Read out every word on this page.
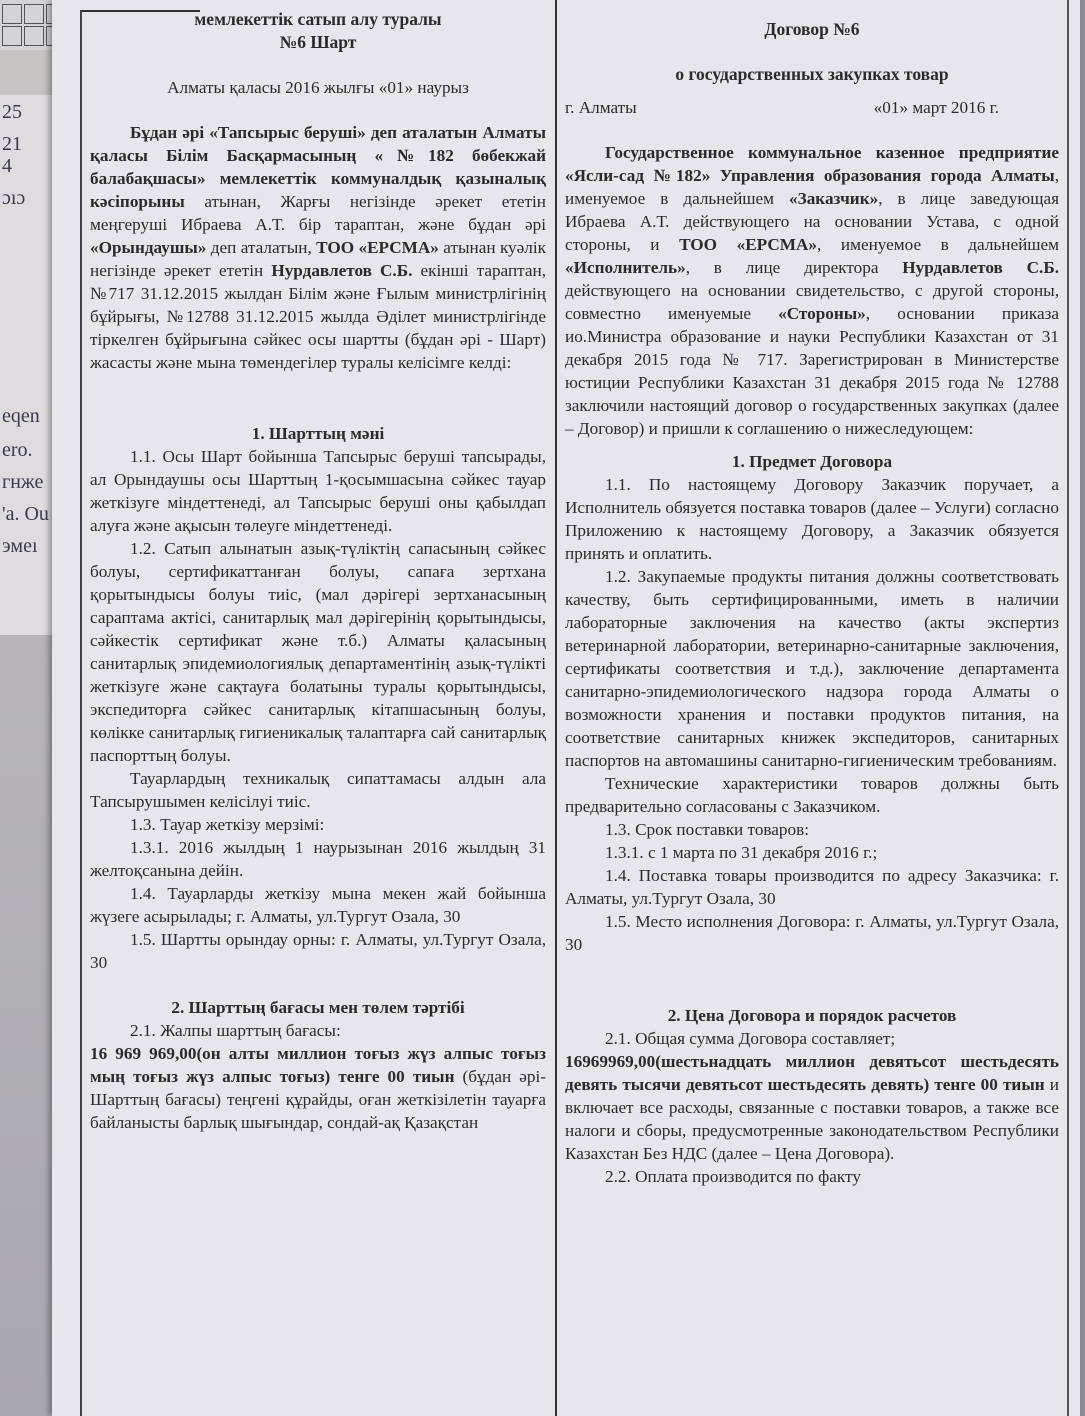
25
21
4
ɔıɔ
eqen
ero.
гнже
'a. Ou
эмеı

мемлекеттік сатып алу туралы

№6 Шарт

Алматы қаласы 2016 жылғы «01» наурыз

Бұдан әрі «Тапсырыс беруші» деп аталатын Алматы қаласы Білім Басқармасының «№182 бөбекжай балабақшасы» мемлекеттік коммуналдық қазыналық кәсіпорыны атынан, Жарғы негізінде әрекет ететін меңгеруші Ибраева А.Т. бір тараптан, және бұдан әрі «Орындаушы» деп аталатын, ТОО «ЕРСМА» атынан куәлік негізінде әрекет ететін Нурдавлетов С.Б. екінші тараптан, №717 31.12.2015 жылдан Білім және Ғылым министрлігінің бұйрығы, №12788 31.12.2015 жылда Әділет министрлігінде тіркелген бұйрығына сәйкес осы шартты (бұдан әрі - Шарт) жасасты және мына төмендегілер туралы келісімге келді:

1. Шарттың мәні

1.1. Осы Шарт бойынша Тапсырыс беруші тапсырады, ал Орындаушы осы Шарттың 1-қосымшасына сәйкес тауар жеткізуге міндеттенеді, ал Тапсырыс беруші оны қабылдап алуға және ақысын төлеуге міндеттенеді.

1.2. Сатып алынатын азық-түліктің сапасының сәйкес болуы, сертификаттанған болуы, сапаға зертхана қорытындысы болуы тиіс, (мал дәрігері зертханасының сараптама актісі, санитарлық мал дәрігерінің қорытындысы, сәйкестік сертификат және т.б.) Алматы қаласының санитарлық эпидемиологиялық департаментінің азық-түлікті жеткізуге және сақтауға болатыны туралы қорытындысы, экспедиторға сәйкес санитарлық кітапшасының болуы, көлікке санитарлық гигиеникалық талаптарға сай санитарлық паспорттың болуы.

Тауарлардың техникалық сипаттамасы алдын ала Тапсырушымен келісілуі тиіс.

1.3. Тауар жеткізу мерзімі:

1.3.1. 2016 жылдың 1 наурызынан 2016 жылдың 31 желтоқсанына дейін.

1.4. Тауарларды жеткізу мына мекен жай бойынша жүзеге асырылады; г. Алматы, ул.Тургут Озала, 30

1.5. Шартты орындау орны: г. Алматы, ул.Тургут Озала, 30

2. Шарттың бағасы мен төлем тәртібі

2.1. Жалпы шарттың бағасы:

16 969 969,00(он алты миллион тоғыз жүз алпыс тоғыз мың тоғыз жүз алпыс тоғыз) тенге 00 тиын (бұдан әрі-Шарттың бағасы) теңгені құрайды, оған жеткізілетін тауарға байланысты барлық шығындар, сондай-ақ Қазақстан

Договор №6

о государственных закупках товар

г. Алматы	«01» март 2016 г.

Государственное коммунальное казенное предприятие «Ясли-сад №182» Управления образования города Алматы, именуемое в дальнейшем «Заказчик», в лице заведующая Ибраева А.Т. действующего на основании Устава, с одной стороны, и ТОО «ЕРСМА», именуемое в дальнейшем «Исполнитель», в лице директора Нурдавлетов С.Б. действующего на основании свидетельство, с другой стороны, совместно именуемые «Стороны», основании приказа ио.Министра образование и науки Республики Казахстан от 31 декабря 2015 года № 717. Зарегистрирован в Министерстве юстиции Республики Казахстан 31 декабря 2015 года № 12788 заключили настоящий договор о государственных закупках (далее – Договор) и пришли к соглашению о нижеследующем:

1. Предмет Договора

1.1. По настоящему Договору Заказчик поручает, а Исполнитель обязуется поставка товаров (далее – Услуги) согласно Приложению к настоящему Договору, а Заказчик обязуется принять и оплатить.

1.2. Закупаемые продукты питания должны соответствовать качеству, быть сертифицированными, иметь в наличии лабораторные заключения на качество (акты экспертиз ветеринарной лаборатории, ветеринарно-санитарные заключения, сертификаты соответствия и т.д.), заключение департамента санитарно-эпидемиологического надзора города Алматы о возможности хранения и поставки продуктов питания, на соответствие санитарных книжек экспедиторов, санитарных паспортов на автомашины санитарно-гигиеническим требованиям.

Технические характеристики товаров должны быть предварительно согласованы с Заказчиком.

1.3. Срок поставки товаров:

1.3.1. с 1 марта по 31 декабря 2016 г.;

1.4. Поставка товары производится по адресу Заказчика: г. Алматы, ул.Тургут Озала, 30

1.5. Место исполнения Договора: г. Алматы, ул.Тургут Озала, 30

2. Цена Договора и порядок расчетов

2.1. Общая сумма Договора составляет;

16969969,00(шестьнадцать миллион девятьсот шестьдесять девять тысячи девятьсот шестьдесять девять) тенге 00 тиын и включает все расходы, связанные с поставки товаров, а также все налоги и сборы, предусмотренные законодательством Республики Казахстан Без НДС (далее – Цена Договора).

2.2. Оплата производится по факту
